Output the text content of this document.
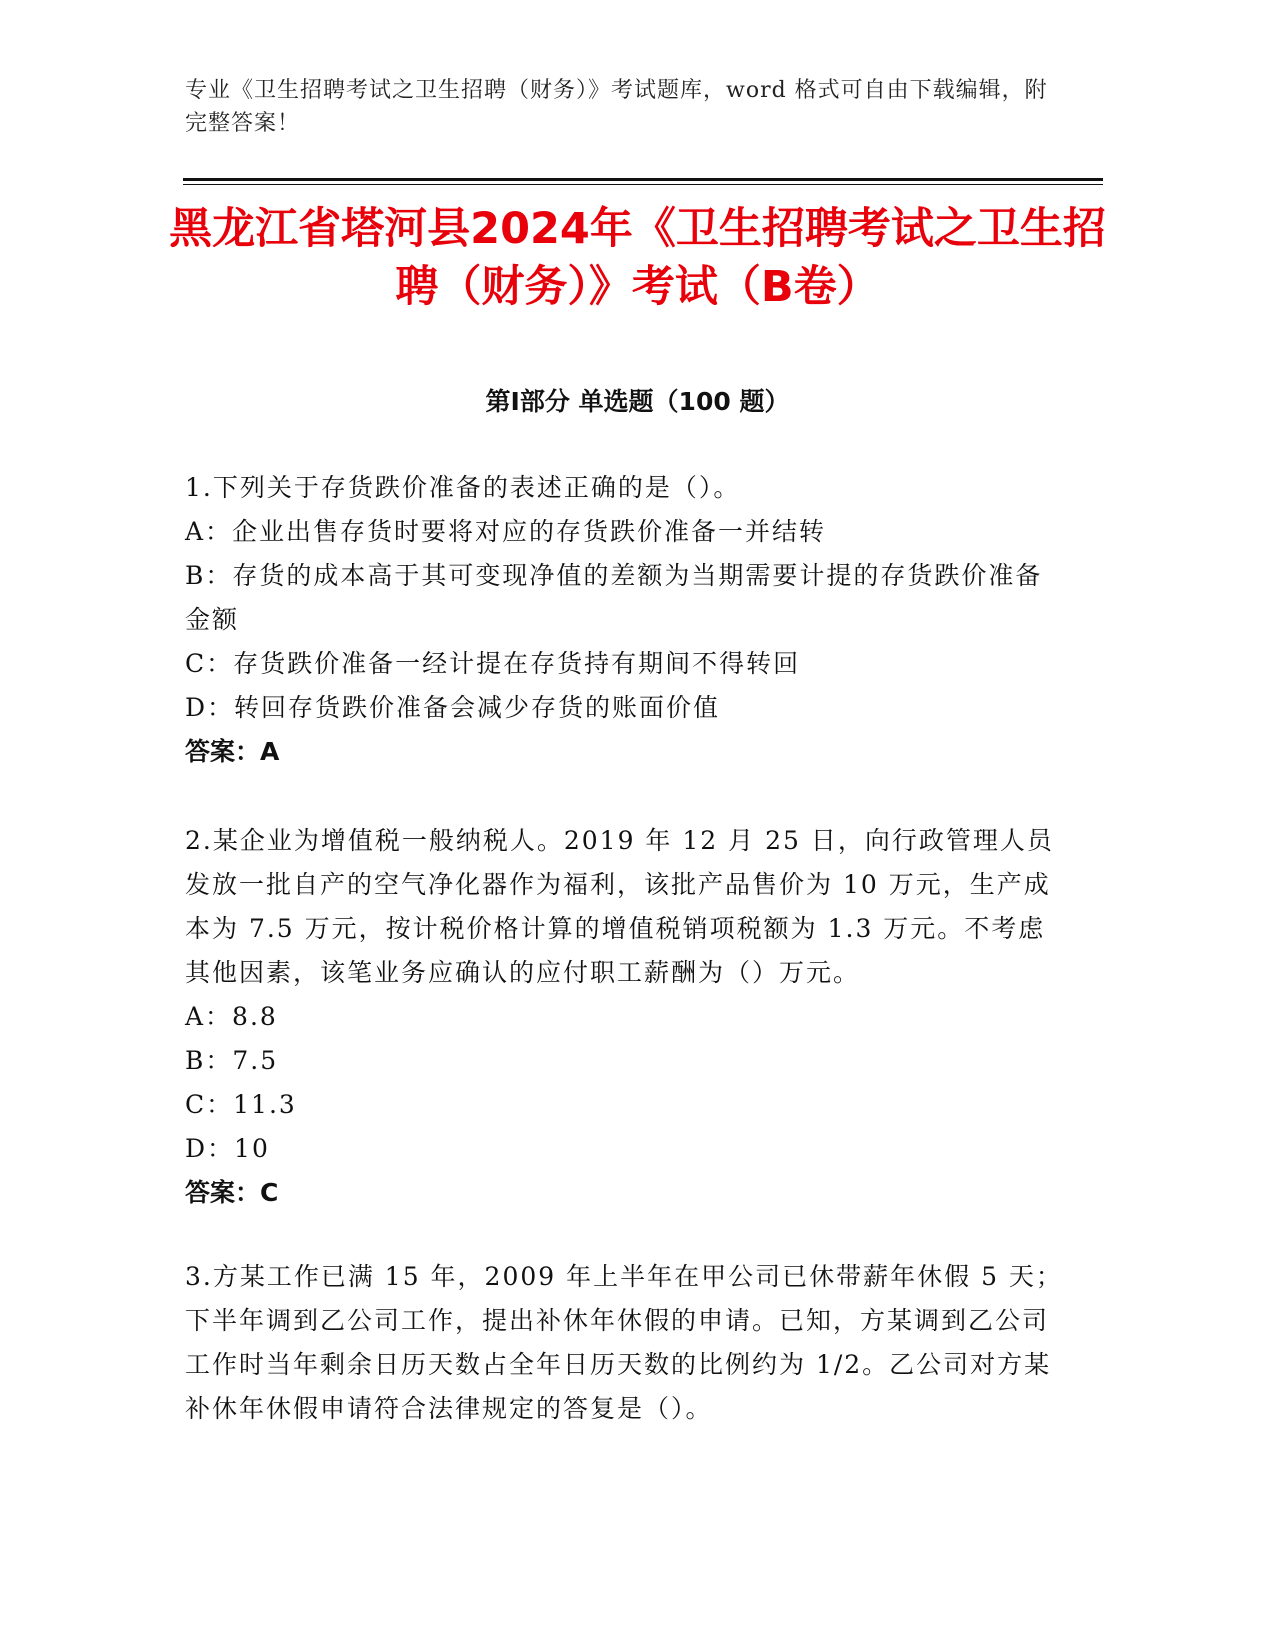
专业《卫生招聘考试之卫生招聘（财务）》考试题库，word 格式可自由下载编辑，附完整答案！
黑龙江省塔河县2024年《卫生招聘考试之卫生招聘（财务）》考试（B卷）
第Ⅰ部分 单选题（100 题）

1.下列关于存货跌价准备的表述正确的是（）。

A：企业出售存货时要将对应的存货跌价准备一并结转

B：存货的成本高于其可变现净值的差额为当期需要计提的存货跌价准备金额

C：存货跌价准备一经计提在存货持有期间不得转回

D：转回存货跌价准备会减少存货的账面价值

答案：A

2.某企业为增值税一般纳税人。2019 年 12 月 25 日，向行政管理人员发放一批自产的空气净化器作为福利，该批产品售价为 10 万元，生产成本为 7.5 万元，按计税价格计算的增值税销项税额为 1.3 万元。不考虑其他因素，该笔业务应确认的应付职工薪酬为（）万元。

A：8.8

B：7.5

C：11.3

D：10

答案：C

3.方某工作已满 15 年，2009 年上半年在甲公司已休带薪年休假 5 天；下半年调到乙公司工作，提出补休年休假的申请。已知，方某调到乙公司工作时当年剩余日历天数占全年日历天数的比例约为 1/2。乙公司对方某补休年休假申请符合法律规定的答复是（）。
